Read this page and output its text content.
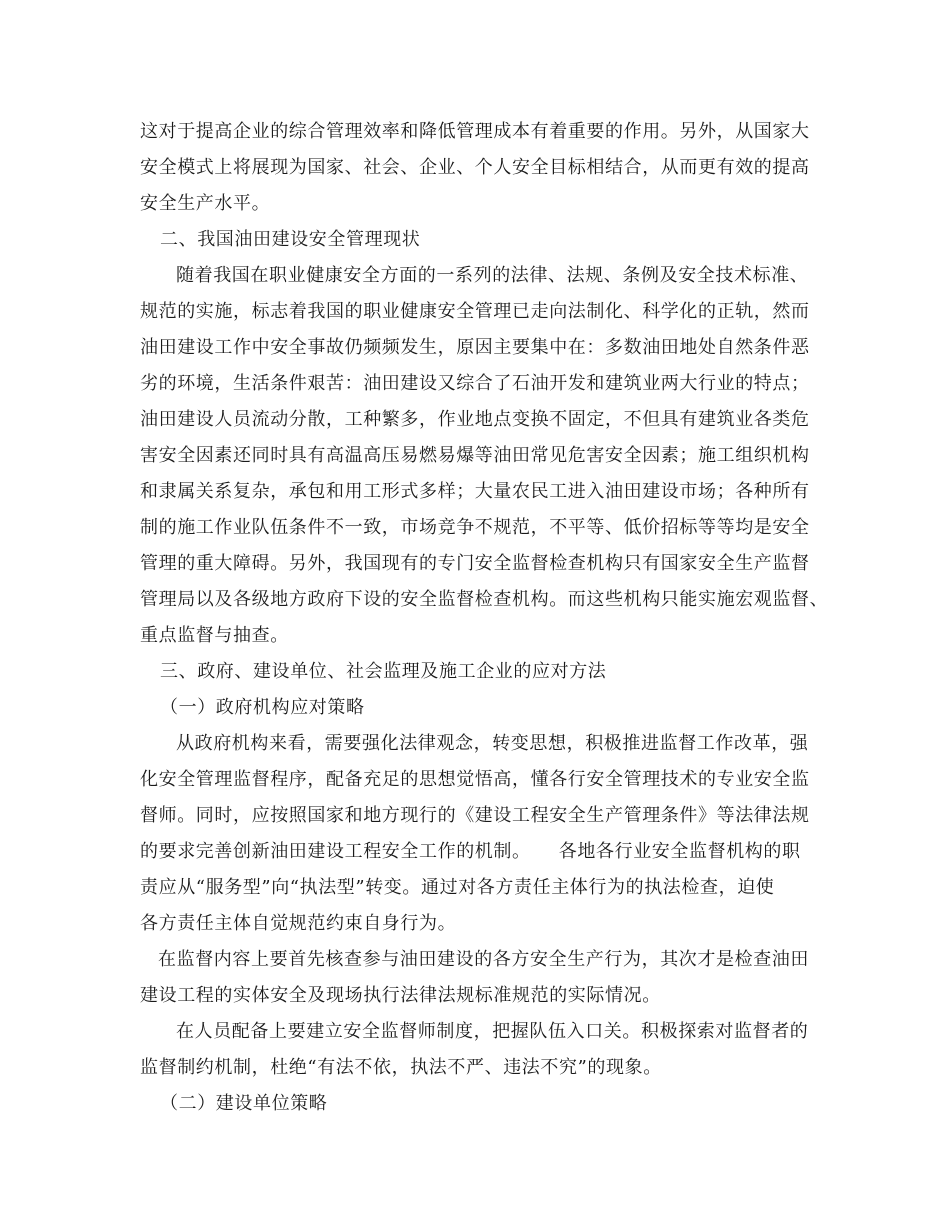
这对于提高企业的综合管理效率和降低管理成本有着重要的作用。另外，从国家大
安全模式上将展现为国家、社会、企业、个人安全目标相结合，从而更有效的提高
安全生产水平。
二、我国油田建设安全管理现状
随着我国在职业健康安全方面的一系列的法律、法规、条例及安全技术标准、
规范的实施，标志着我国的职业健康安全管理已走向法制化、科学化的正轨，然而
油田建设工作中安全事故仍频频发生，原因主要集中在：多数油田地处自然条件恶
劣的环境，生活条件艰苦：油田建设又综合了石油开发和建筑业两大行业的特点；
油田建设人员流动分散，工种繁多，作业地点变换不固定，不但具有建筑业各类危
害安全因素还同时具有高温高压易燃易爆等油田常见危害安全因素；施工组织机构
和隶属关系复杂，承包和用工形式多样；大量农民工进入油田建设市场；各种所有
制的施工作业队伍条件不一致，市场竞争不规范，不平等、低价招标等等均是安全
管理的重大障碍。另外，我国现有的专门安全监督检查机构只有国家安全生产监督
管理局以及各级地方政府下设的安全监督检查机构。而这些机构只能实施宏观监督、
重点监督与抽查。
三、政府、建设单位、社会监理及施工企业的应对方法
（一）政府机构应对策略
从政府机构来看，需要强化法律观念，转变思想，积极推进监督工作改革，强
化安全管理监督程序，配备充足的思想觉悟高，懂各行安全管理技术的专业安全监
督师。同时，应按照国家和地方现行的《建设工程安全生产管理条件》等法律法规
的要求完善创新油田建设工程安全工作的机制。　　各地各行业安全监督机构的职
责应从“服务型”向“执法型”转变。通过对各方责任主体行为的执法检查，迫使
各方责任主体自觉规范约束自身行为。
在监督内容上要首先核查参与油田建设的各方安全生产行为，其次才是检查油田
建设工程的实体安全及现场执行法律法规标准规范的实际情况。
在人员配备上要建立安全监督师制度，把握队伍入口关。积极探索对监督者的
监督制约机制，杜绝“有法不依，执法不严、违法不究”的现象。
（二）建设单位策略
